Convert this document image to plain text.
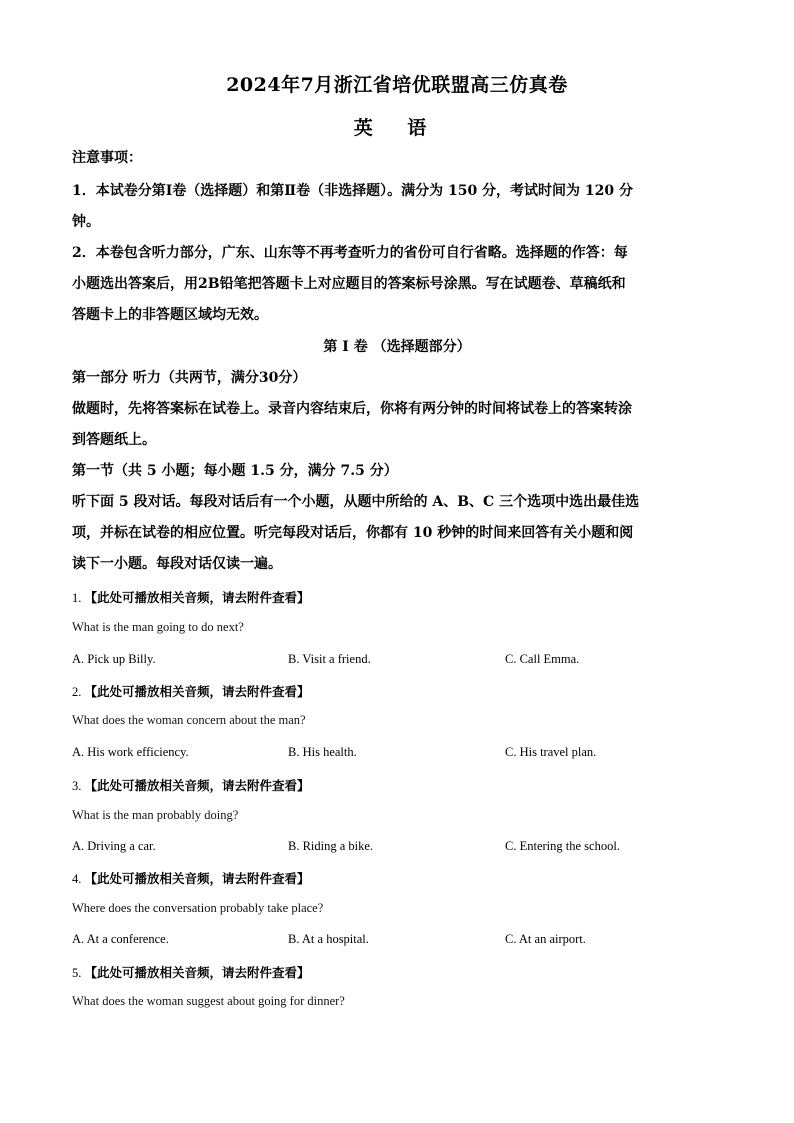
2024年7月浙江省培优联盟高三仿真卷
英 语
注意事项：
1．本试卷分第Ⅰ卷（选择题）和第Ⅱ卷（非选择题）。满分为 150 分，考试时间为 120 分
钟。
2．本卷包含听力部分，广东、山东等不再考查听力的省份可自行省略。选择题的作答：每
小题选出答案后，用2B铅笔把答题卡上对应题目的答案标号涂黑。写在试题卷、草稿纸和
答题卡上的非答题区域均无效。
第 Ⅰ 卷 （选择题部分）
第一部分 听力（共两节，满分30分）
做题时，先将答案标在试卷上。录音内容结束后，你将有两分钟的时间将试卷上的答案转涂
到答题纸上。
第一节（共 5 小题；每小题 1.5 分，满分 7.5 分）
听下面 5 段对话。每段对话后有一个小题，从题中所给的 A、B、C 三个选项中选出最佳选
项，并标在试卷的相应位置。听完每段对话后，你都有 10 秒钟的时间来回答有关小题和阅
读下一小题。每段对话仅读一遍。
1. 【此处可播放相关音频，请去附件查看】
What is the man going to do next?
A. Pick up Billy.	B. Visit a friend.	C. Call Emma.
2. 【此处可播放相关音频，请去附件查看】
What does the woman concern about the man?
A. His work efficiency.	B. His health.	C. His travel plan.
3. 【此处可播放相关音频，请去附件查看】
What is the man probably doing?
A. Driving a car.	B. Riding a bike.	C. Entering the school.
4. 【此处可播放相关音频，请去附件查看】
Where does the conversation probably take place?
A. At a conference.	B. At a hospital.	C. At an airport.
5. 【此处可播放相关音频，请去附件查看】
What does the woman suggest about going for dinner?
